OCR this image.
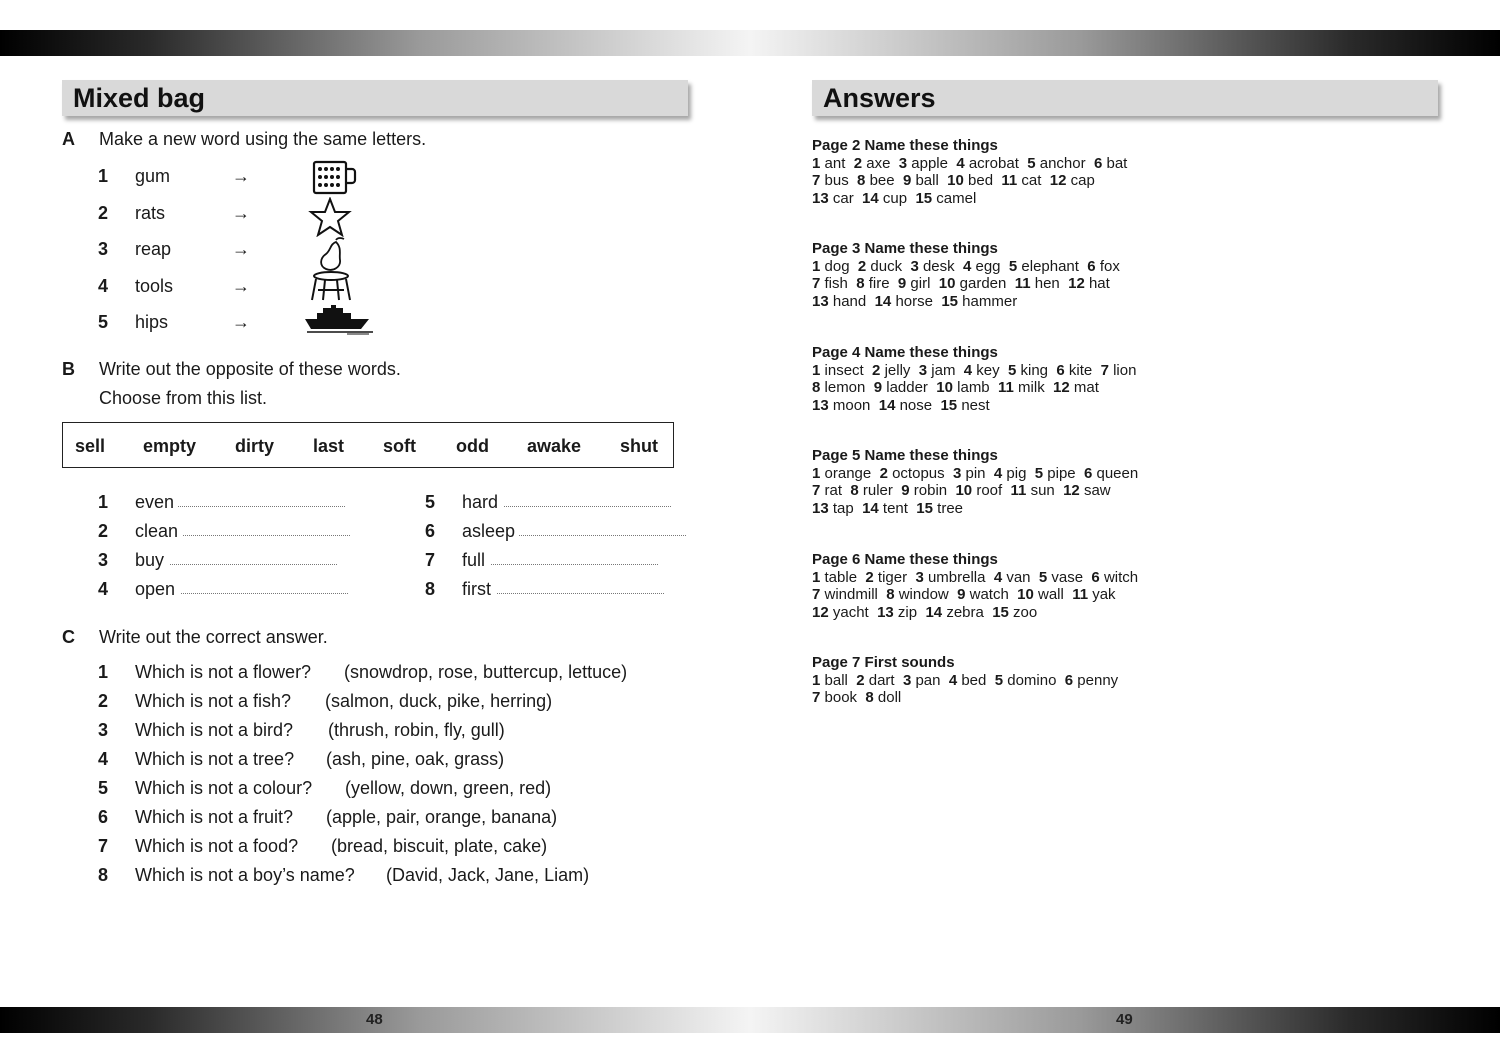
Mixed bag
A Make a new word using the same letters.
1 gum	→
2 rats	→
3 reap	→
4 tools	→
5 hips	→
B Write out the opposite of these words.
Choose from this list.
sell empty dirty last soft odd awake shut
1 even
2 clean
3 buy
4 open
5 hard
6 asleep
7 full
8 first
C Write out the correct answer.
1 Which is not a flower? (snowdrop, rose, buttercup, lettuce)
2 Which is not a fish? (salmon, duck, pike, herring)
3 Which is not a bird? (thrush, robin, fly, gull)
4 Which is not a tree? (ash, pine, oak, grass)
5 Which is not a colour? (yellow, down, green, red)
6 Which is not a fruit? (apple, pair, orange, banana)
7 Which is not a food? (bread, biscuit, plate, cake)
8 Which is not a boy’s name? (David, Jack, Jane, Liam)
Answers
Page 2 Name these things
1 ant 2 axe 3 apple 4 acrobat 5 anchor 6 bat
7 bus 8 bee 9 ball 10 bed 11 cat 12 cap
13 car 14 cup 15 camel
Page 3 Name these things
1 dog 2 duck 3 desk 4 egg 5 elephant 6 fox
7 fish 8 fire 9 girl 10 garden 11 hen 12 hat
13 hand 14 horse 15 hammer
Page 4 Name these things
1 insect 2 jelly 3 jam 4 key 5 king 6 kite 7 lion
8 lemon 9 ladder 10 lamb 11 milk 12 mat
13 moon 14 nose 15 nest
Page 5 Name these things
1 orange 2 octopus 3 pin 4 pig 5 pipe 6 queen
7 rat 8 ruler 9 robin 10 roof 11 sun 12 saw
13 tap 14 tent 15 tree
Page 6 Name these things
1 table 2 tiger 3 umbrella 4 van 5 vase 6 witch
7 windmill 8 window 9 watch 10 wall 11 yak
12 yacht 13 zip 14 zebra 15 zoo
Page 7 First sounds
1 ball 2 dart 3 pan 4 bed 5 domino 6 penny
7 book 8 doll
48	49
